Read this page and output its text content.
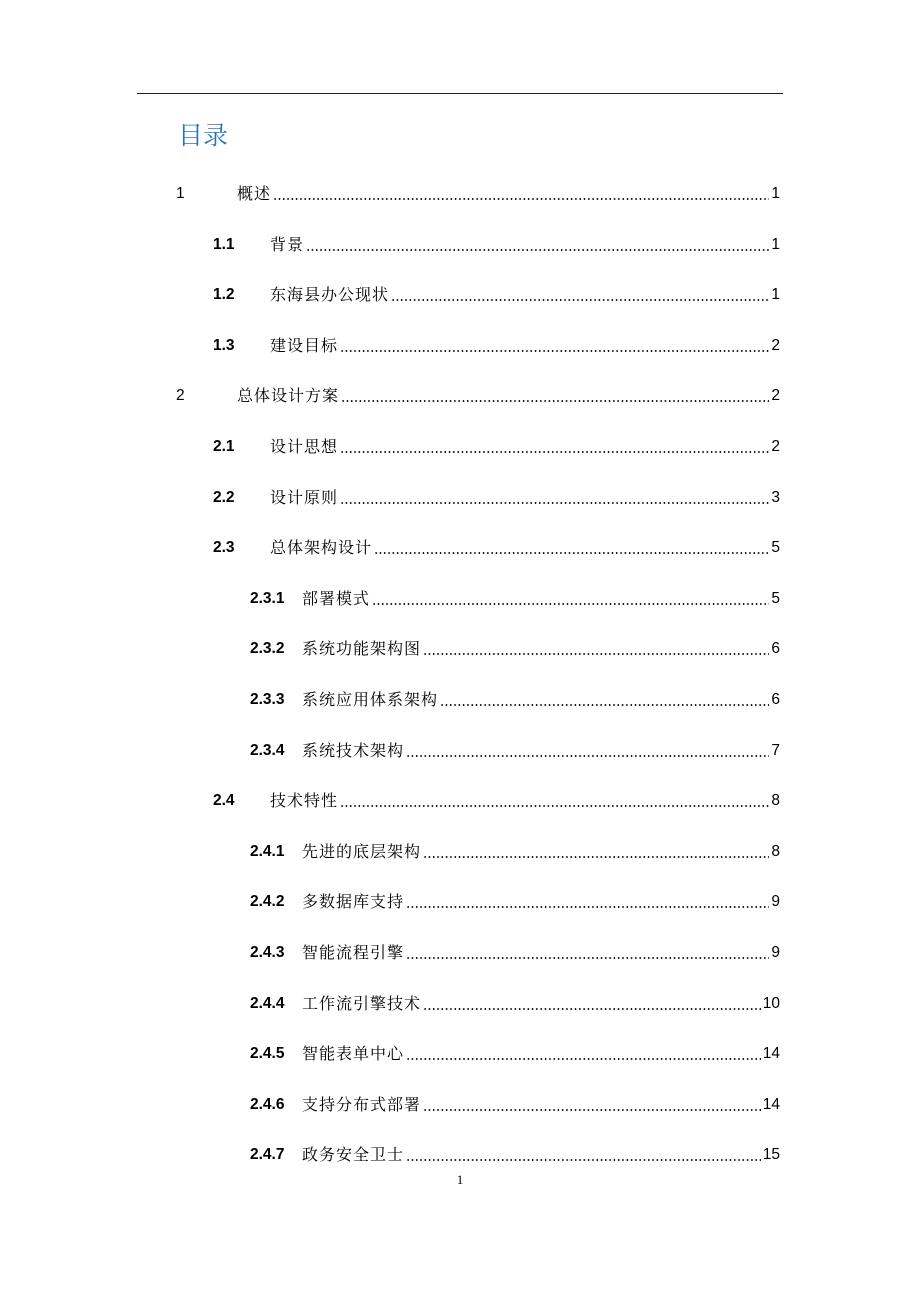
目录
1	概述	1
1.1	背景	1
1.2	东海县办公现状	1
1.3	建设目标	2
2	总体设计方案	2
2.1	设计思想	2
2.2	设计原则	3
2.3	总体架构设计	5
2.3.1	部署模式	5
2.3.2	系统功能架构图	6
2.3.3	系统应用体系架构	6
2.3.4	系统技术架构	7
2.4	技术特性	8
2.4.1	先进的底层架构	8
2.4.2	多数据库支持	9
2.4.3	智能流程引擎	9
2.4.4	工作流引擎技术	10
2.4.5	智能表单中心	14
2.4.6	支持分布式部署	14
2.4.7	政务安全卫士	15
1
